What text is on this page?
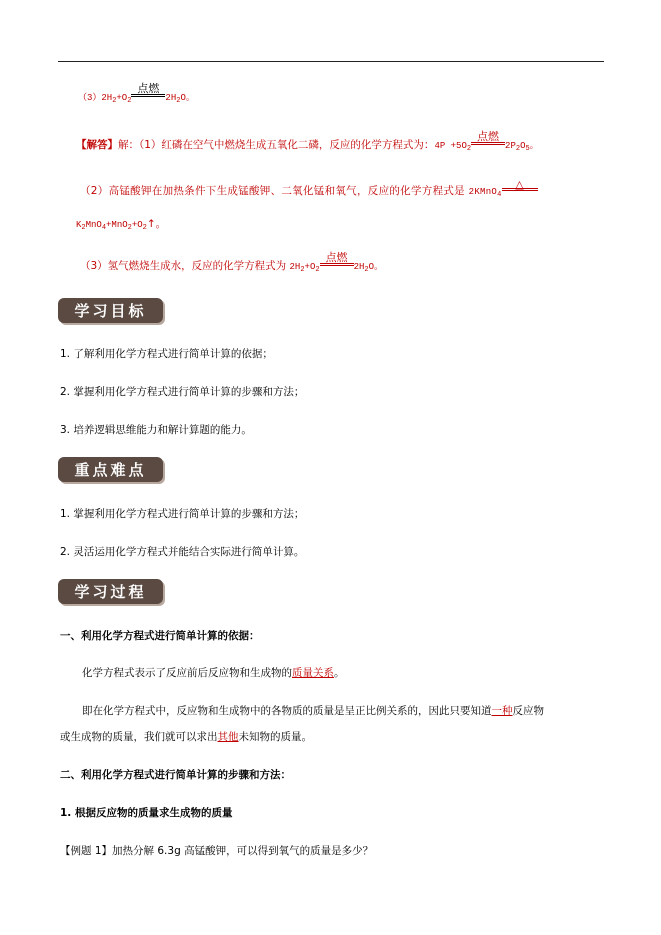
$(3)2H_2+O_2$
点燃
$2H_2O$。
【解答】解：（1）红磷在空气中燃烧生成五氧化二磷，反应的化学方程式为：$4P +5O_2$
点燃
$2P_2O_5$。
（2）高锰酸钾在加热条件下生成锰酸钾、二氧化锰和氧气，反应的化学方程式是 2KMnO$_4$
△
$K_2MnO_4+MnO_2+O_2↑$。
（3）氢气燃烧生成水，反应的化学方程式为 $2H_2+O_2$
点燃
$2H_2O$。
学习目标
1. 了解利用化学方程式进行简单计算的依据；
2. 掌握利用化学方程式进行简单计算的步骤和方法；
3. 培养逻辑思维能力和解计算题的能力。
重点难点
1. 掌握利用化学方程式进行简单计算的步骤和方法；
2. 灵活运用化学方程式并能结合实际进行简单计算。
学习过程
一、利用化学方程式进行简单计算的依据：
化学方程式表示了反应前后反应物和生成物的质量关系。
即在化学方程式中，反应物和生成物中的各物质的质量是呈正比例关系的，因此只要知道一种反应物
或生成物的质量，我们就可以求出其他未知物的质量。
二、利用化学方程式进行简单计算的步骤和方法：
1. 根据反应物的质量求生成物的质量
【例题 1】加热分解 6.3g 高锰酸钾，可以得到氧气的质量是多少？
